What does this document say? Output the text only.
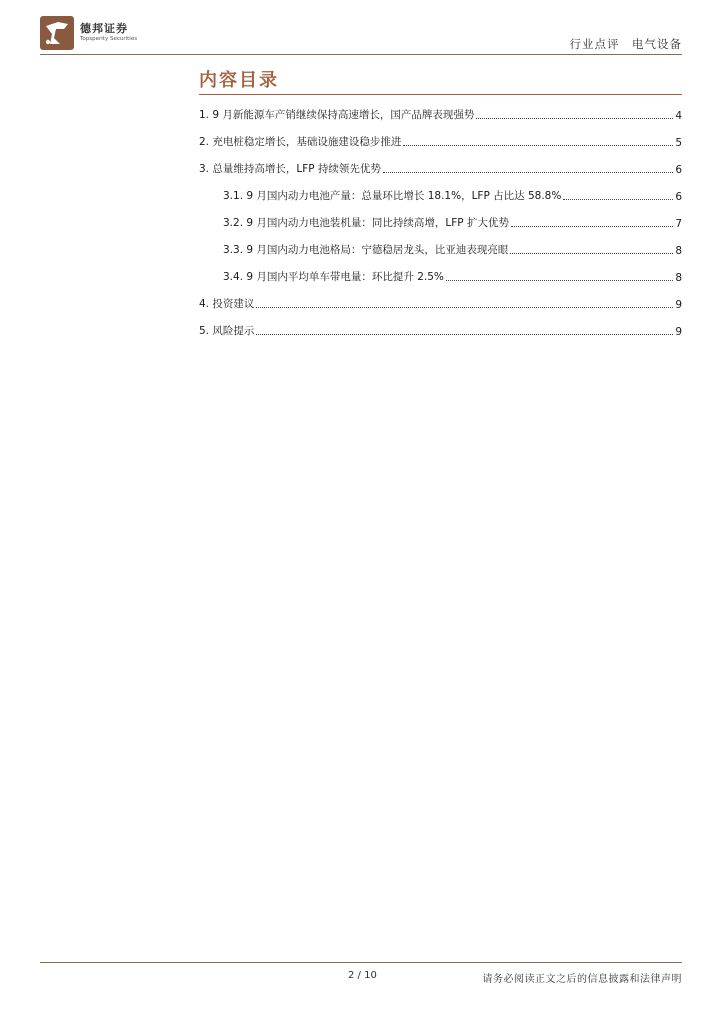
德邦证券
Topsperity Securities	行业点评　电气设备
内容目录
1. 9 月新能源车产销继续保持高速增长，国产品牌表现强势	4
2. 充电桩稳定增长，基础设施建设稳步推进	5
3. 总量维持高增长，LFP 持续领先优势	6
3.1. 9 月国内动力电池产量：总量环比增长 18.1%，LFP 占比达 58.8%	6
3.2. 9 月国内动力电池装机量：同比持续高增，LFP 扩大优势	7
3.3. 9 月国内动力电池格局：宁德稳居龙头，比亚迪表现亮眼	8
3.4. 9 月国内平均单车带电量：环比提升 2.5%	8
4. 投资建议	9
5. 风险提示	9
2 / 10	请务必阅读正文之后的信息披露和法律声明
